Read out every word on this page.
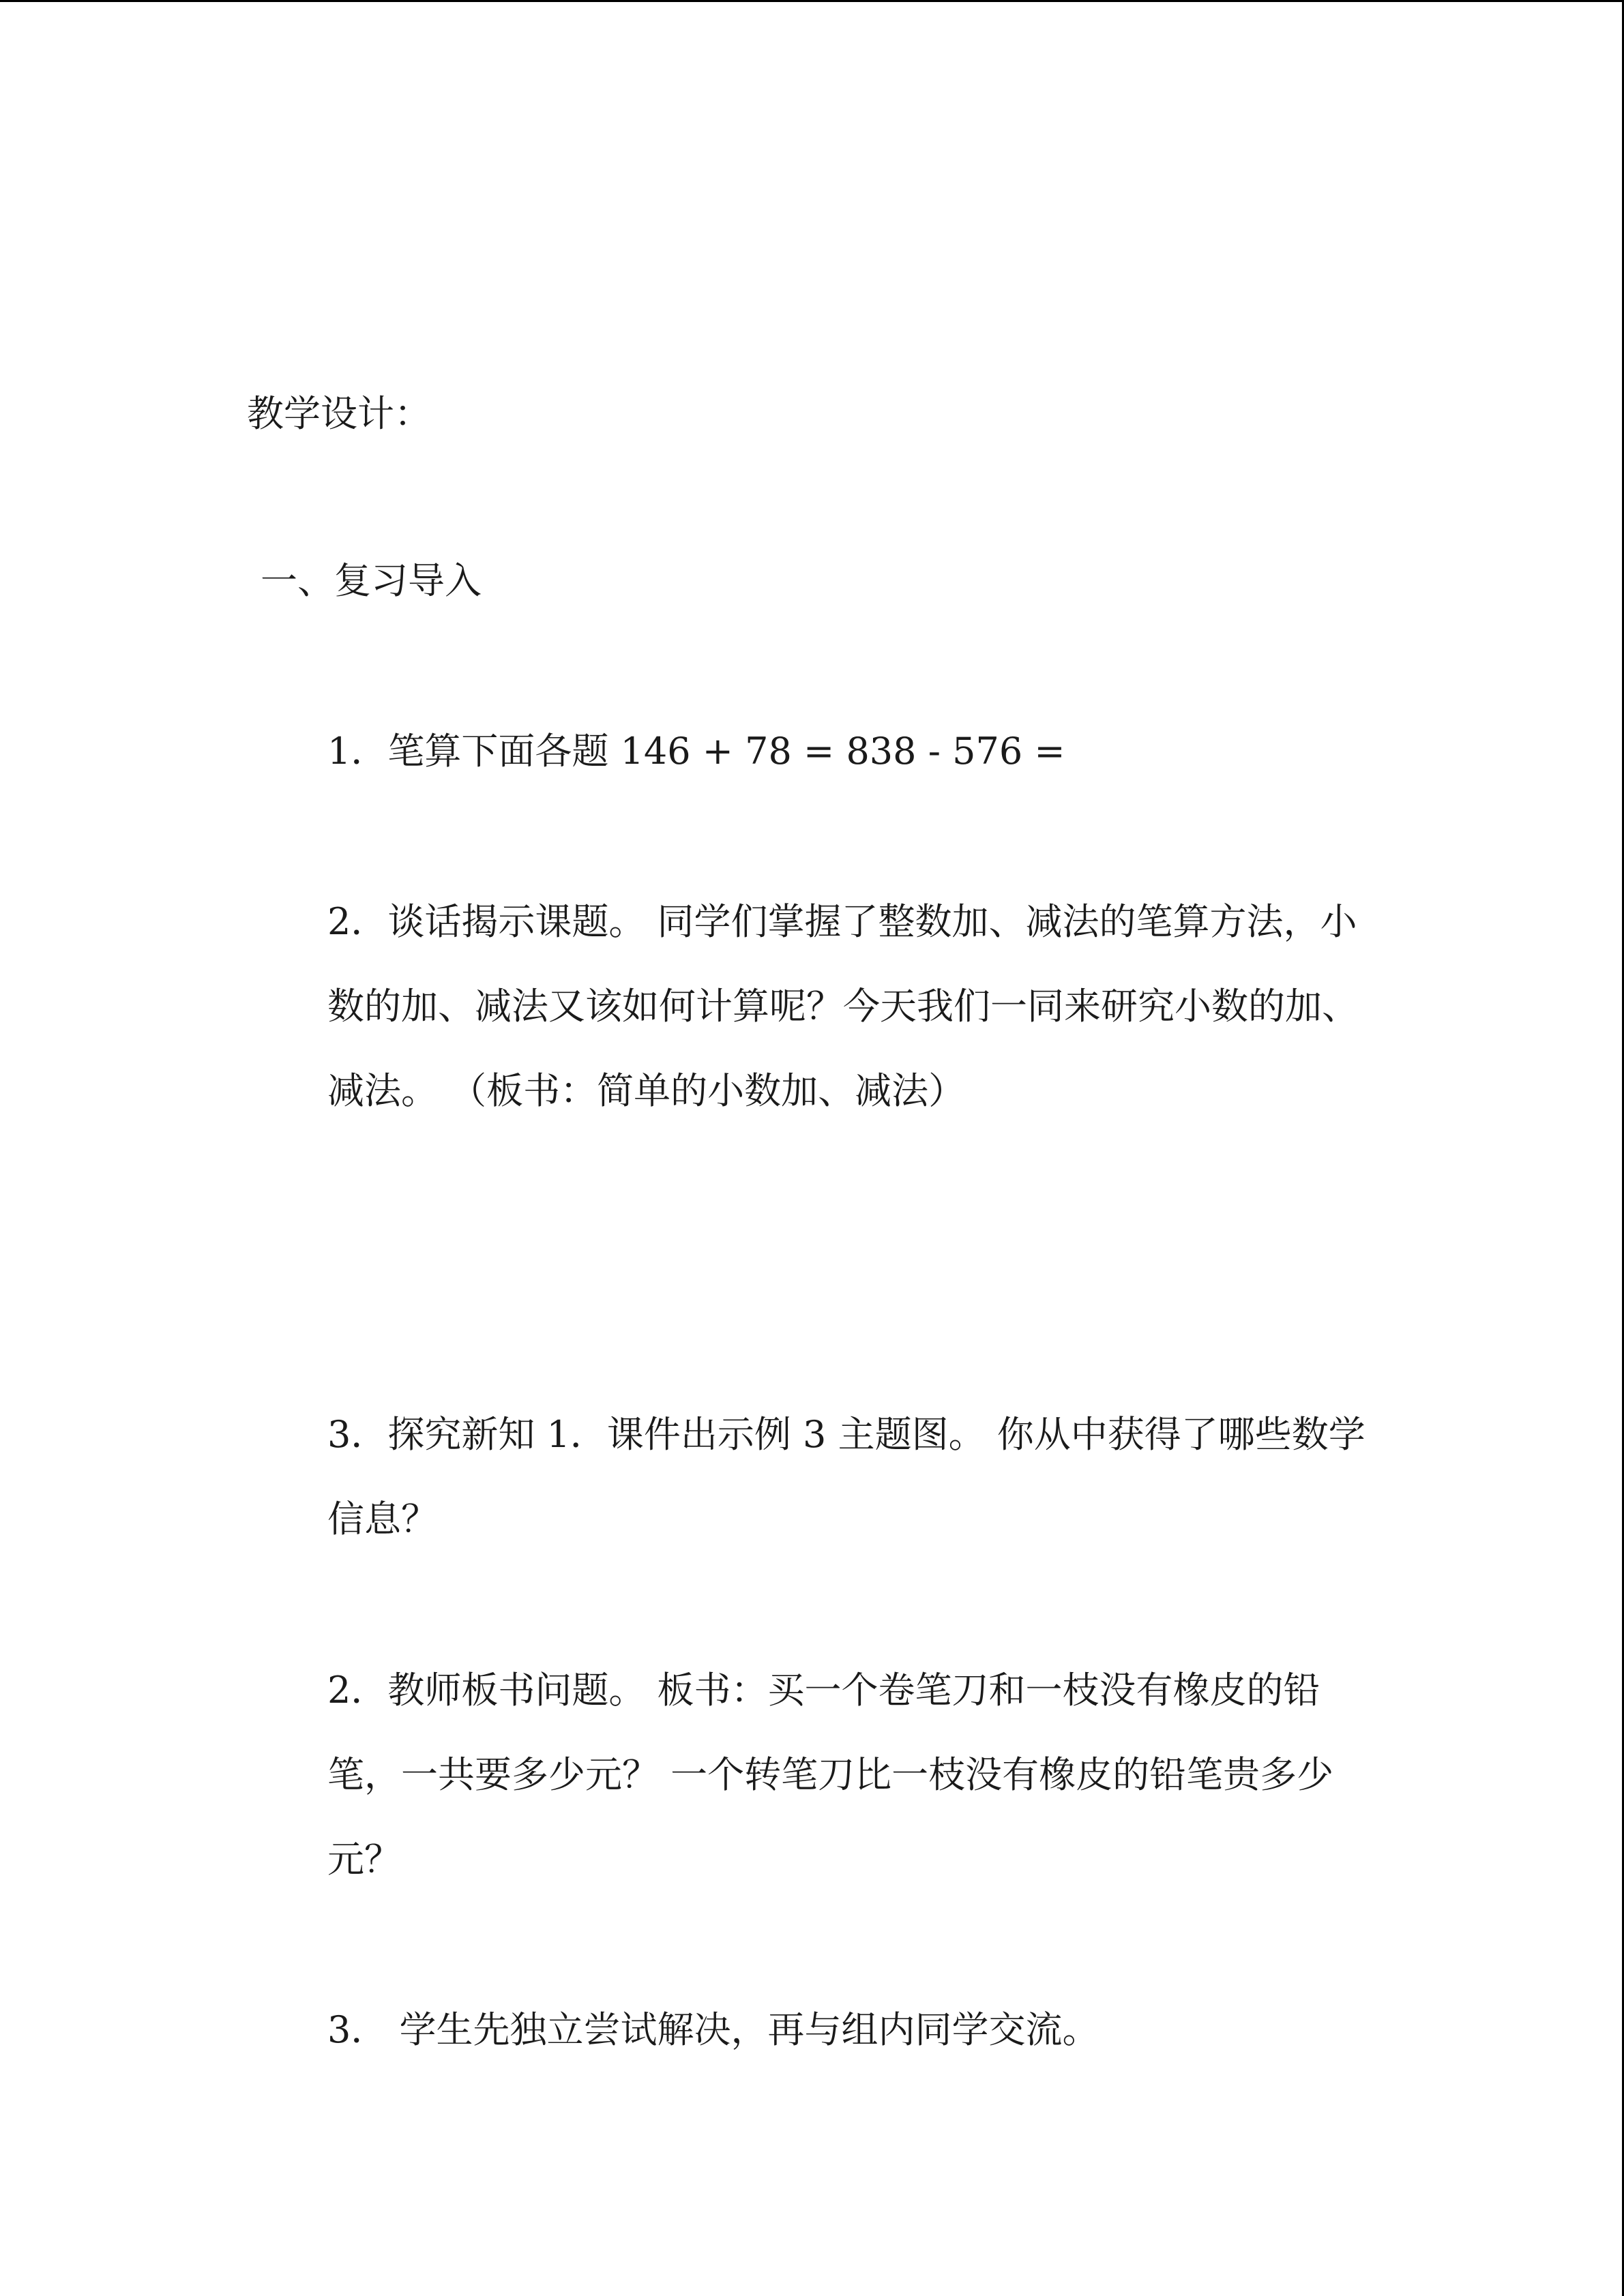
教学设计：

一、复习导入

1．笔算下面各题 146 + 78 = 838 - 576 =

2．谈话揭示课题。 同学们掌握了整数加、减法的笔算方法，小数的加、减法又该如何计算呢？今天我们一同来研究小数的加、减法。 （板书：简单的小数加、减法）

3．探究新知 1．课件出示例 3 主题图。 你从中获得了哪些数学信息？

2．教师板书问题。 板书：买一个卷笔刀和一枝没有橡皮的铅笔，一共要多少元？ 一个转笔刀比一枝没有橡皮的铅笔贵多少元？

3． 学生先独立尝试解决，再与组内同学交流。
